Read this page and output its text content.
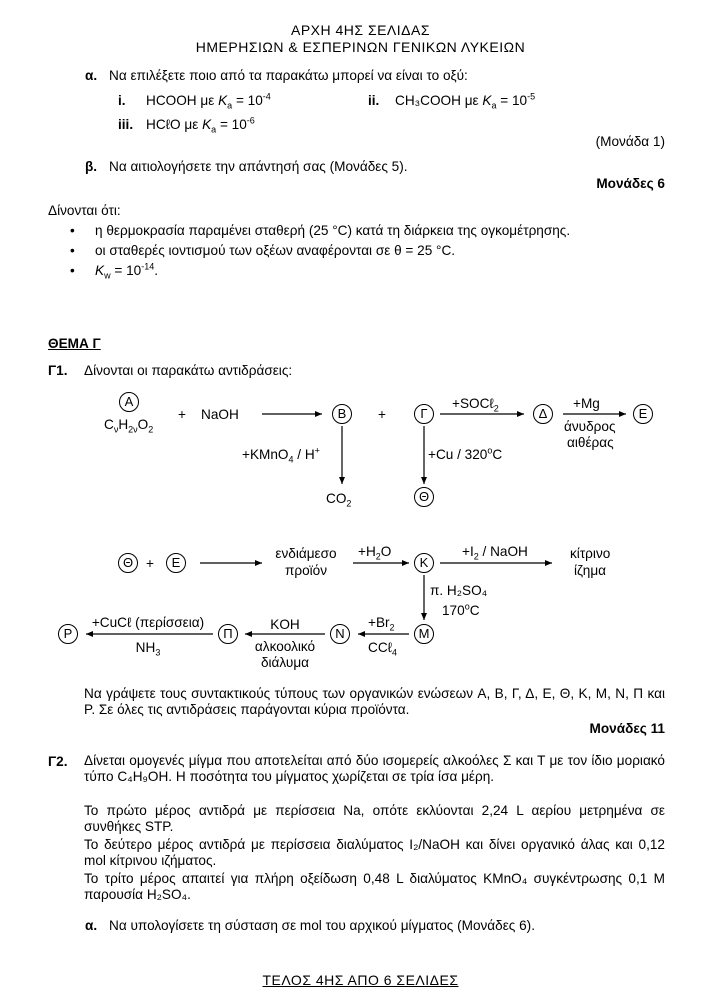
ΑΡΧΗ 4ΗΣ ΣΕΛΙΔΑΣ
ΗΜΕΡΗΣΙΩΝ & ΕΣΠΕΡΙΝΩΝ ΓΕΝΙΚΩΝ ΛΥΚΕΙΩΝ
α. Να επιλέξετε ποιο από τα παρακάτω μπορεί να είναι το οξύ:
i. HCOOH με $K_a = 10^{-4}$	ii. CH₃COOH με $K_a = 10^{-5}$
iii. HCℓO με $K_a = 10^{-6}$
(Μονάδα 1)
β. Να αιτιολογήσετε την απάντησή σας (Μονάδες 5).
Μονάδες 6
Δίνονται ότι:
• η θερμοκρασία παραμένει σταθερή (25 °C) κατά τη διάρκεια της ογκομέτρησης.
• οι σταθερές ιοντισμού των οξέων αναφέρονται σε θ = 25 °C.
• $K_w = 10^{-14}$.
ΘΕΜΑ Γ
Γ1. Δίνονται οι παρακάτω αντιδράσεις:
A
$C_\nu H_{2\nu}O_2$
+ NaOH	B	+	Γ
+SOCℓ$_2$	Δ
+Mg
άνυδρος
αιθέρας
Ε
+KMnO$_4$ / H+	+Cu / 320$^o$C
$CO_2$	Θ
Θ +	Ε
ενδιάμεσο
προϊόν
$+H_2O$
K
$+I_2$ / NaOH	κίτρινο
ίζημα
π. H₂SO₄
170$^o$C
M
$+Br_2$
CCℓ$_4$
N
KOH
αλκοολικό
διάλυμα
Π
+CuCℓ (περίσσεια)
$NH_3$
P
Να γράψετε τους συντακτικούς τύπους των οργανικών ενώσεων A, B, Γ, Δ, Ε, Θ, K, M, N, Π και P. Σε όλες τις αντιδράσεις παράγονται κύρια προϊόντα.
Μονάδες 11
Γ2. Δίνεται ομογενές μίγμα που αποτελείται από δύο ισομερείς αλκοόλες Σ και Τ με τον ίδιο μοριακό τύπο C₄H₉OH. Η ποσότητα του μίγματος χωρίζεται σε τρία ίσα μέρη.
Το πρώτο μέρος αντιδρά με περίσσεια Na, οπότε εκλύονται 2,24 L αερίου μετρημένα σε συνθήκες STP.
Το δεύτερο μέρος αντιδρά με περίσσεια διαλύματος I₂/NaOH και δίνει οργανικό άλας και 0,12 mol κίτρινου ιζήματος.
Το τρίτο μέρος απαιτεί για πλήρη οξείδωση 0,48 L διαλύματος KMnO₄ συγκέντρωσης 0,1 M παρουσία H₂SO₄.
α. Να υπολογίσετε τη σύσταση σε mol του αρχικού μίγματος (Μονάδες 6).
ΤΕΛΟΣ 4ΗΣ ΑΠΟ 6 ΣΕΛΙΔΕΣ
